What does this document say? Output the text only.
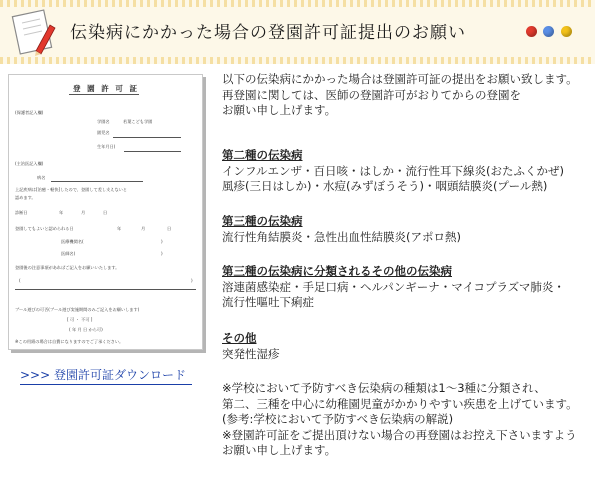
伝染病にかかった場合の登園許可証提出のお願い
登 園 許 可 証
(保護者記入欄)
学園名	若葉こども学園
園児名
生年月日(
(主治医記入欄)
病名
上記疾病は[治癒・軽快]したので、登園して差し支えないと
認めます。
診断日	年	月	日
登園してもよいと認められる日	年	月	日
医療機関名(	)
医師名(	)
登園後の注意事項があればご記入をお願いいたします。
(	)
プール遊びの可否(プール遊び実施期間のみご記入をお願いします)
[ 可 ・ 不可 ]
( 年 月 日 から可)
※この用紙の場合は自費になりますのでご了承ください。
>>> 登園許可証ダウンロード

以下の伝染病にかかった場合は登園許可証の提出をお願い致します。

再登園に関しては、医師の登園許可がおりてからの登園を

お願い申し上げます。

第二種の伝染病
インフルエンザ・百日咳・はしか・流行性耳下線炎(おたふくかぜ)
風疹(三日はしか)・水痘(みずぼうそう)・咽頭結膜炎(プール熱)
第三種の伝染病
流行性角結膜炎・急性出血性結膜炎(アポロ熱)
第三種の伝染病に分類されるその他の伝染病
溶連菌感染症・手足口病・ヘルパンギーナ・マイコプラズマ肺炎・
流行性嘔吐下痢症
その他
突発性湿疹
※学校において予防すべき伝染病の種類は1〜3種に分類され、
第二、三種を中心に幼稚園児童がかかりやすい疾患を上げています。
(参考:学校において予防すべき伝染病の解説)
※登園許可証をご提出頂けない場合の再登園はお控え下さいますよう
お願い申し上げます。
